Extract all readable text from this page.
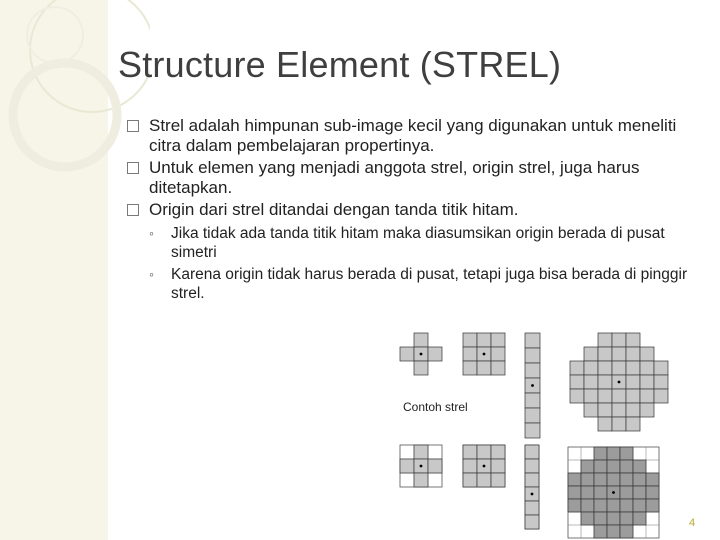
Structure Element (STREL)
Strel adalah himpunan sub-image kecil yang digunakan untuk meneliti citra dalam pembelajaran propertinya.
Untuk elemen yang menjadi anggota strel, origin strel, juga harus ditetapkan.
Origin dari strel ditandai dengan tanda titik hitam.
◦ Jika tidak ada tanda titik hitam maka diasumsikan origin berada di pusat simetri
◦ Karena origin tidak harus berada di pusat, tetapi juga bisa berada di pinggir strel.
Contoh strel
4
